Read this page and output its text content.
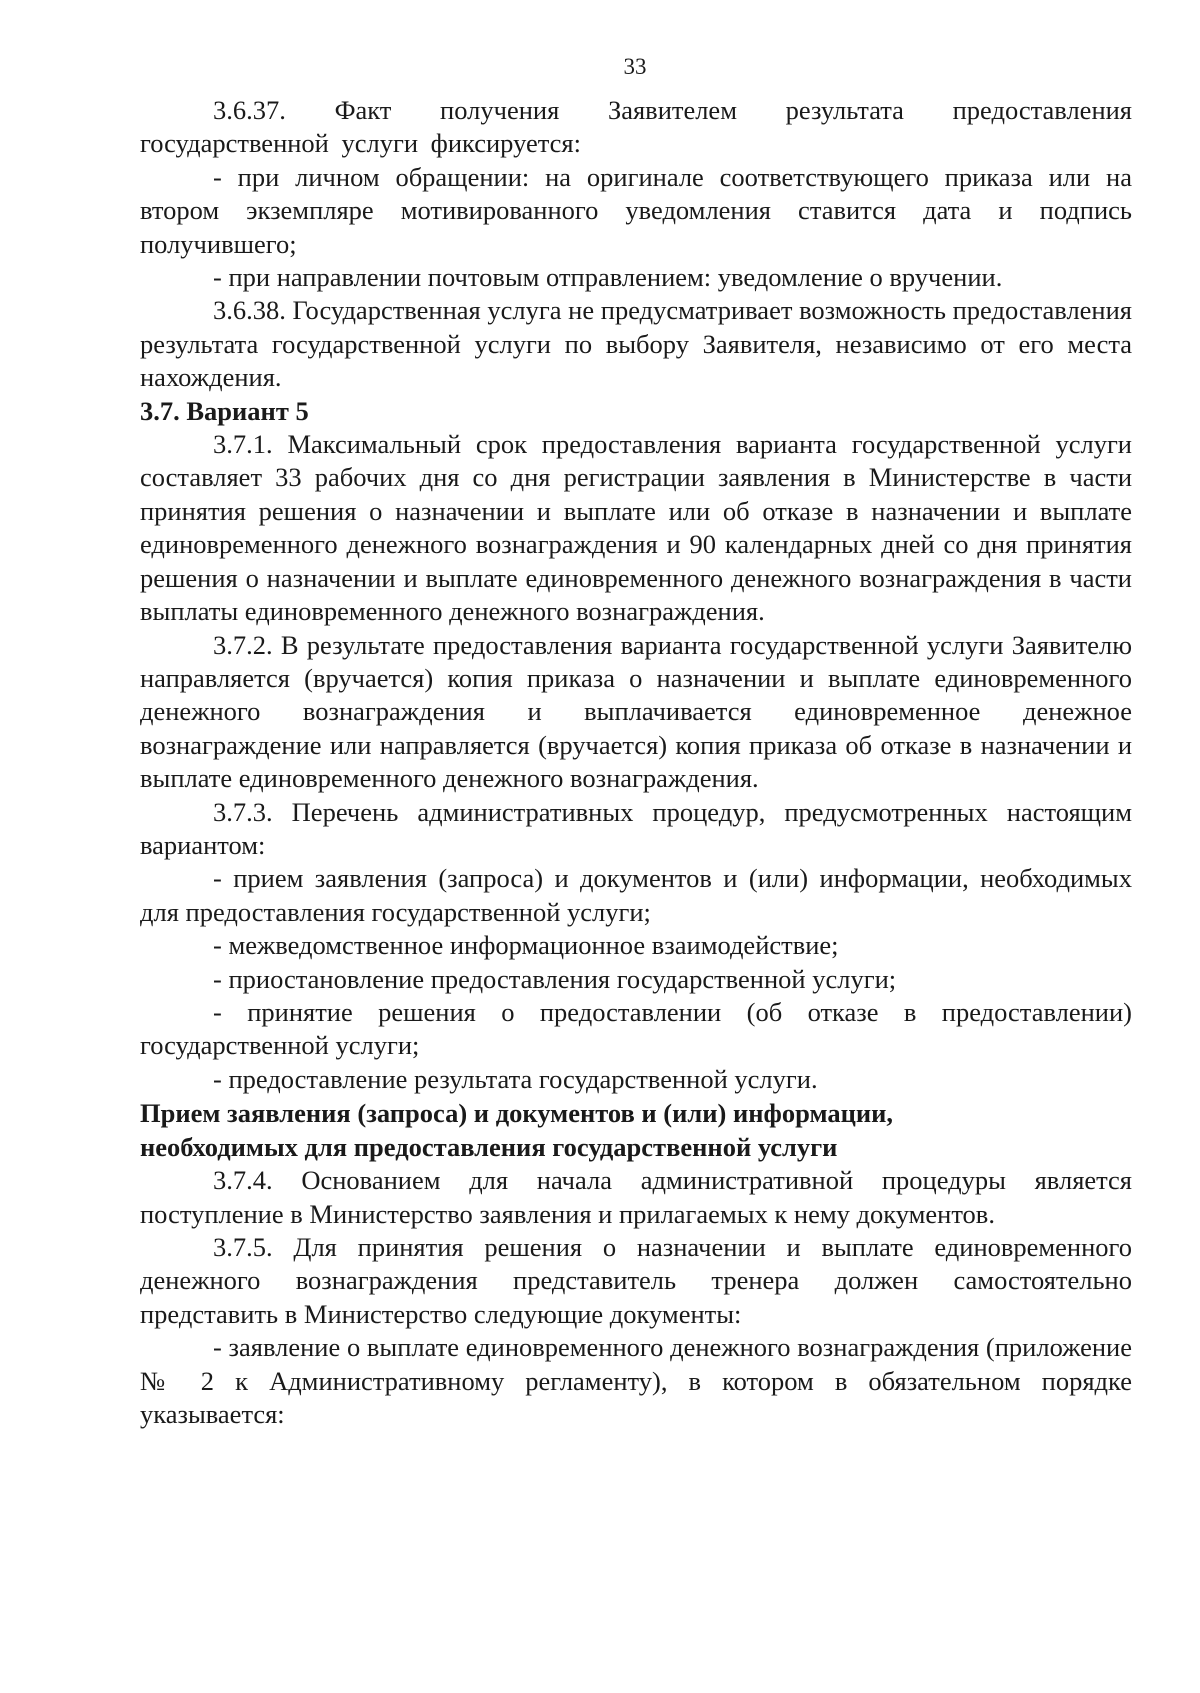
33

3.6.37. Факт получения Заявителем результата предоставления государственной услуги фиксируется:

- при личном обращении: на оригинале соответствующего приказа или на втором экземпляре мотивированного уведомления ставится дата и подпись получившего;

- при направлении почтовым отправлением: уведомление о вручении.

3.6.38. Государственная услуга не предусматривает возможность предоставления результата государственной услуги по выбору Заявителя, независимо от его места нахождения.

3.7. Вариант 5

3.7.1. Максимальный срок предоставления варианта государственной услуги составляет 33 рабочих дня со дня регистрации заявления в Министерстве в части принятия решения о назначении и выплате или об отказе в назначении и выплате единовременного денежного вознаграждения и 90 календарных дней со дня принятия решения о назначении и выплате единовременного денежного вознаграждения в части выплаты единовременного денежного вознаграждения.

3.7.2. В результате предоставления варианта государственной услуги Заявителю направляется (вручается) копия приказа о назначении и выплате единовременного денежного вознаграждения и выплачивается единовременное денежное вознаграждение или направляется (вручается) копия приказа об отказе в назначении и выплате единовременного денежного вознаграждения.

3.7.3. Перечень административных процедур, предусмотренных настоящим вариантом:

- прием заявления (запроса) и документов и (или) информации, необходимых для предоставления государственной услуги;

- межведомственное информационное взаимодействие;

- приостановление предоставления государственной услуги;

- принятие решения о предоставлении (об отказе в предоставлении) государственной услуги;

- предоставление результата государственной услуги.

Прием заявления (запроса) и документов и (или) информации,
необходимых для предоставления государственной услуги

3.7.4. Основанием для начала административной процедуры является поступление в Министерство заявления и прилагаемых к нему документов.

3.7.5. Для принятия решения о назначении и выплате единовременного денежного вознаграждения представитель тренера должен самостоятельно представить в Министерство следующие документы:

- заявление о выплате единовременного денежного вознаграждения (приложение № 2 к Административному регламенту), в котором в обязательном порядке указывается:
